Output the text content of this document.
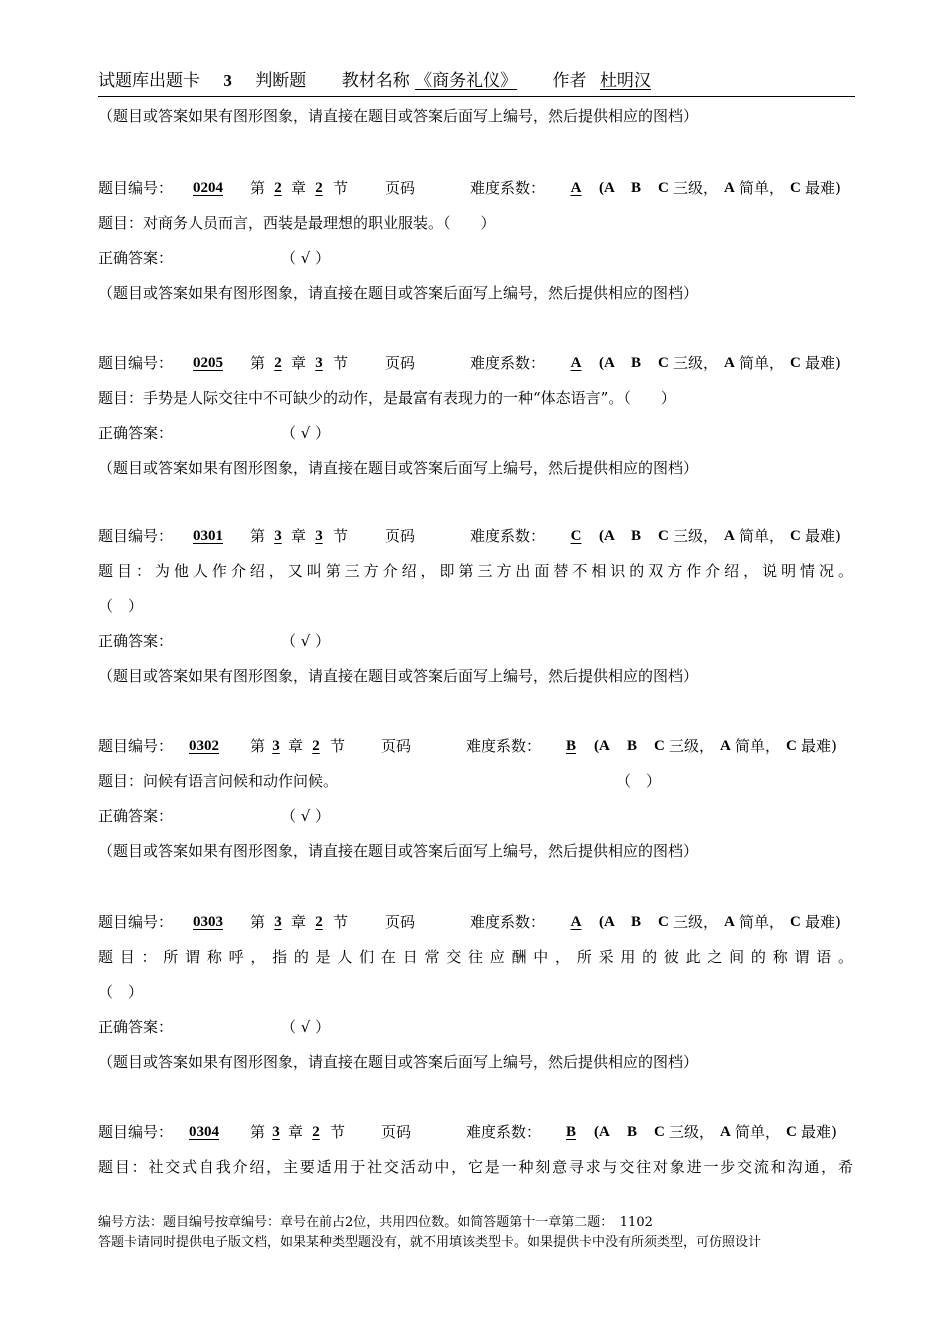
试题库出题卡 3 判断题 教材名称 《商务礼仪》 作者 杜明汉
（题目或答案如果有图形图象，请直接在题目或答案后面写上编号，然后提供相应的图档）
题目编号：	0204	第 2 章 2 节 页码	难度系数：	A	(A B C 三级， A 简单， C 最难)
题目：对商务人员而言，西装是最理想的职业服装。（　　）
正确答案：	（ √ ）
（题目或答案如果有图形图象，请直接在题目或答案后面写上编号，然后提供相应的图档）
题目编号：	0205	第 2 章 3 节 页码	难度系数：	A	(A B C 三级， A 简单， C 最难)
题目：手势是人际交往中不可缺少的动作，是最富有表现力的一种“体态语言”。（　　）
正确答案：	（ √ ）
（题目或答案如果有图形图象，请直接在题目或答案后面写上编号，然后提供相应的图档）
题目编号：	0301	第 3 章 3 节 页码	难度系数：	C	(A B C 三级， A 简单， C 最难)
题目：为他人作介绍，又叫第三方介绍，即第三方出面替不相识的双方作介绍，说明情况。
（　）
正确答案：	（ √ ）
（题目或答案如果有图形图象，请直接在题目或答案后面写上编号，然后提供相应的图档）
题目编号：	0302	第 3 章 2 节 页码	难度系数：	B	(A B C 三级， A 简单， C 最难)
题目：问候有语言问候和动作问候。	（　）
正确答案：	（ √ ）
（题目或答案如果有图形图象，请直接在题目或答案后面写上编号，然后提供相应的图档）
题目编号：	0303	第 3 章 2 节 页码	难度系数：	A	(A B C 三级， A 简单， C 最难)
题目：所谓称呼，指的是人们在日常交往应酬中，所采用的彼此之间的称谓语。
（　）
正确答案：	（ √ ）
（题目或答案如果有图形图象，请直接在题目或答案后面写上编号，然后提供相应的图档）
题目编号：	0304	第 3 章 2 节 页码	难度系数：	B	(A B C 三级， A 简单， C 最难)
题目：社交式自我介绍，主要适用于社交活动中，它是一种刻意寻求与交往对象进一步交流和沟通，希
编号方法：题目编号按章编号：章号在前占2位，共用四位数。如简答题第十一章第二题：　1102
答题卡请同时提供电子版文档，如果某种类型题没有，就不用填该类型卡。如果提供卡中没有所须类型，可仿照设计
